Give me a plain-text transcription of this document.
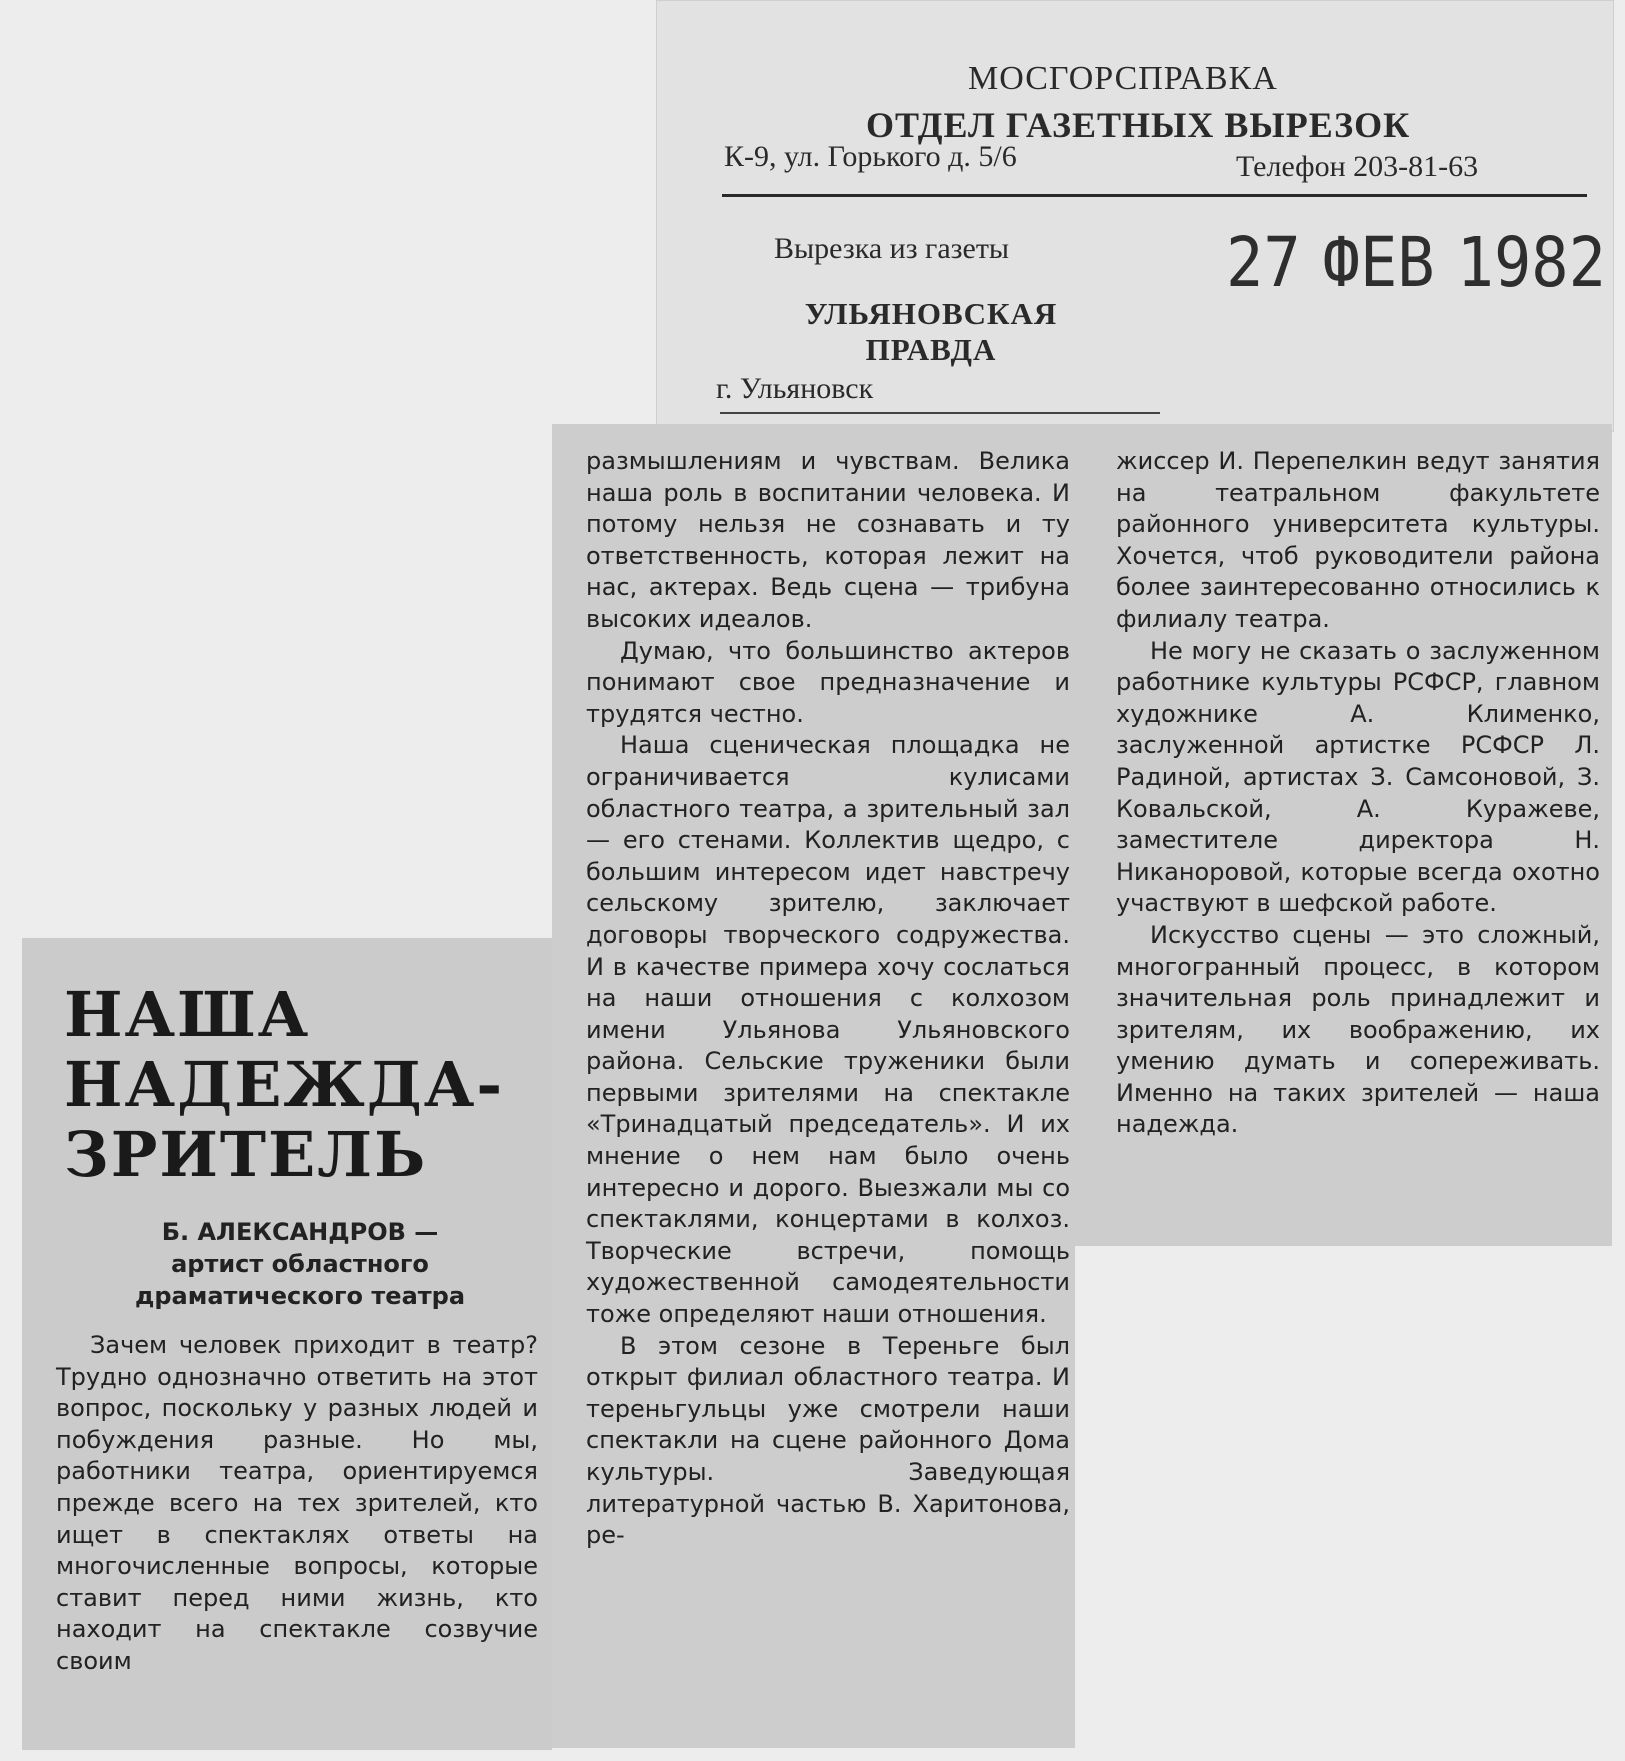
МОСГОРСПРАВКА
ОТДЕЛ ГАЗЕТНЫХ ВЫРЕЗОК
К-9, ул. Горького д. 5/6	Телефон 203-81-63
Вырезка из газеты
УЛЬЯНОВСКАЯ ПРАВДА
г. Ульяновск
27 ФЕВ 1982
НАША
НАДЕЖДА-
ЗРИТЕЛЬ
Б. АЛЕКСАНДРОВ —
артист областного драматического театра

Зачем человек приходит в театр? Трудно однозначно ответить на этот вопрос, поскольку у разных людей и побуждения разные. Но мы, работники театра, ориентируемся прежде всего на тех зрителей, кто ищет в спектаклях ответы на многочисленные вопросы, которые ставит перед ними жизнь, кто находит на спектакле созвучие своим

размышлениям и чувствам. Велика наша роль в воспитании человека. И потому нельзя не сознавать и ту ответственность, которая лежит на нас, актерах. Ведь сцена — трибуна высоких идеалов.

Думаю, что большинство актеров понимают свое предназначение и трудятся честно.

Наша сценическая площадка не ограничивается кулисами областного театра, а зрительный зал — его стенами. Коллектив щедро, с большим интересом идет навстречу сельскому зрителю, заключает договоры творческого содружества. И в качестве примера хочу сослаться на наши отношения с колхозом имени Ульянова Ульяновского района. Сельские труженики были первыми зрителями на спектакле «Тринадцатый председатель». И их мнение о нем нам было очень интересно и дорого. Выезжали мы со спектаклями, концертами в колхоз. Творческие встречи, помощь художественной самодеятельности тоже определяют наши отношения.

В этом сезоне в Тереньге был открыт филиал областного театра. И тереньгульцы уже смотрели наши спектакли на сцене районного Дома культуры. Заведующая литературной частью В. Харитонова, ре-

жиссер И. Перепелкин ведут занятия на театральном факультете районного университета культуры. Хочется, чтоб руководители района более заинтересованно относились к филиалу театра.

Не могу не сказать о заслуженном работнике культуры РСФСР, главном художнике А. Клименко, заслуженной артистке РСФСР Л. Радиной, артистах З. Самсоновой, З. Ковальской, А. Куражеве, заместителе директора Н. Никаноровой, которые всегда охотно участвуют в шефской работе.

Искусство сцены — это сложный, многогранный процесс, в котором значительная роль принадлежит и зрителям, их воображению, их умению думать и сопереживать. Именно на таких зрителей — наша надежда.
